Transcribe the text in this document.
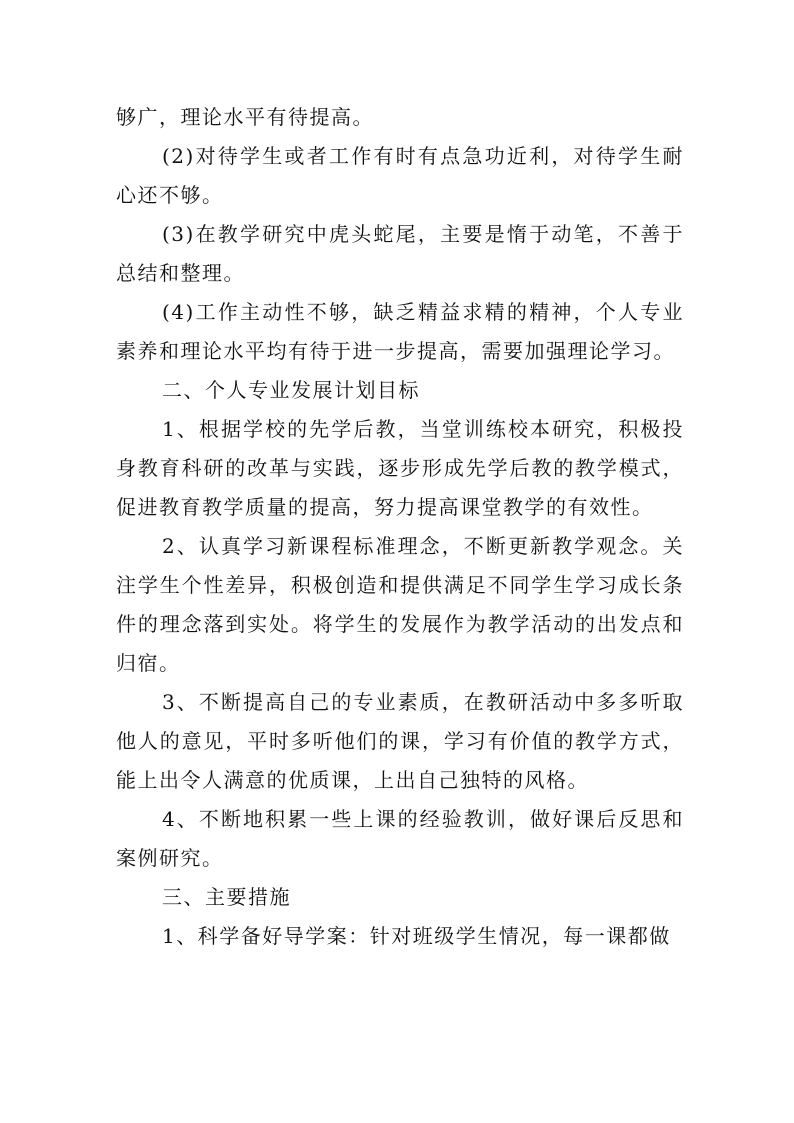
够广，理论水平有待提高。

(2)对待学生或者工作有时有点急功近利，对待学生耐心还不够。

(3)在教学研究中虎头蛇尾，主要是惰于动笔，不善于总结和整理。

(4)工作主动性不够，缺乏精益求精的精神，个人专业素养和理论水平均有待于进一步提高，需要加强理论学习。

二、个人专业发展计划目标

1、根据学校的先学后教，当堂训练校本研究，积极投身教育科研的改革与实践，逐步形成先学后教的教学模式，促进教育教学质量的提高，努力提高课堂教学的有效性。

2、认真学习新课程标准理念，不断更新教学观念。关注学生个性差异，积极创造和提供满足不同学生学习成长条件的理念落到实处。将学生的发展作为教学活动的出发点和归宿。

3、不断提高自己的专业素质，在教研活动中多多听取他人的意见，平时多听他们的课，学习有价值的教学方式，能上出令人满意的优质课，上出自己独特的风格。

4、不断地积累一些上课的经验教训，做好课后反思和案例研究。

三、主要措施

1、科学备好导学案：针对班级学生情况，每一课都做
